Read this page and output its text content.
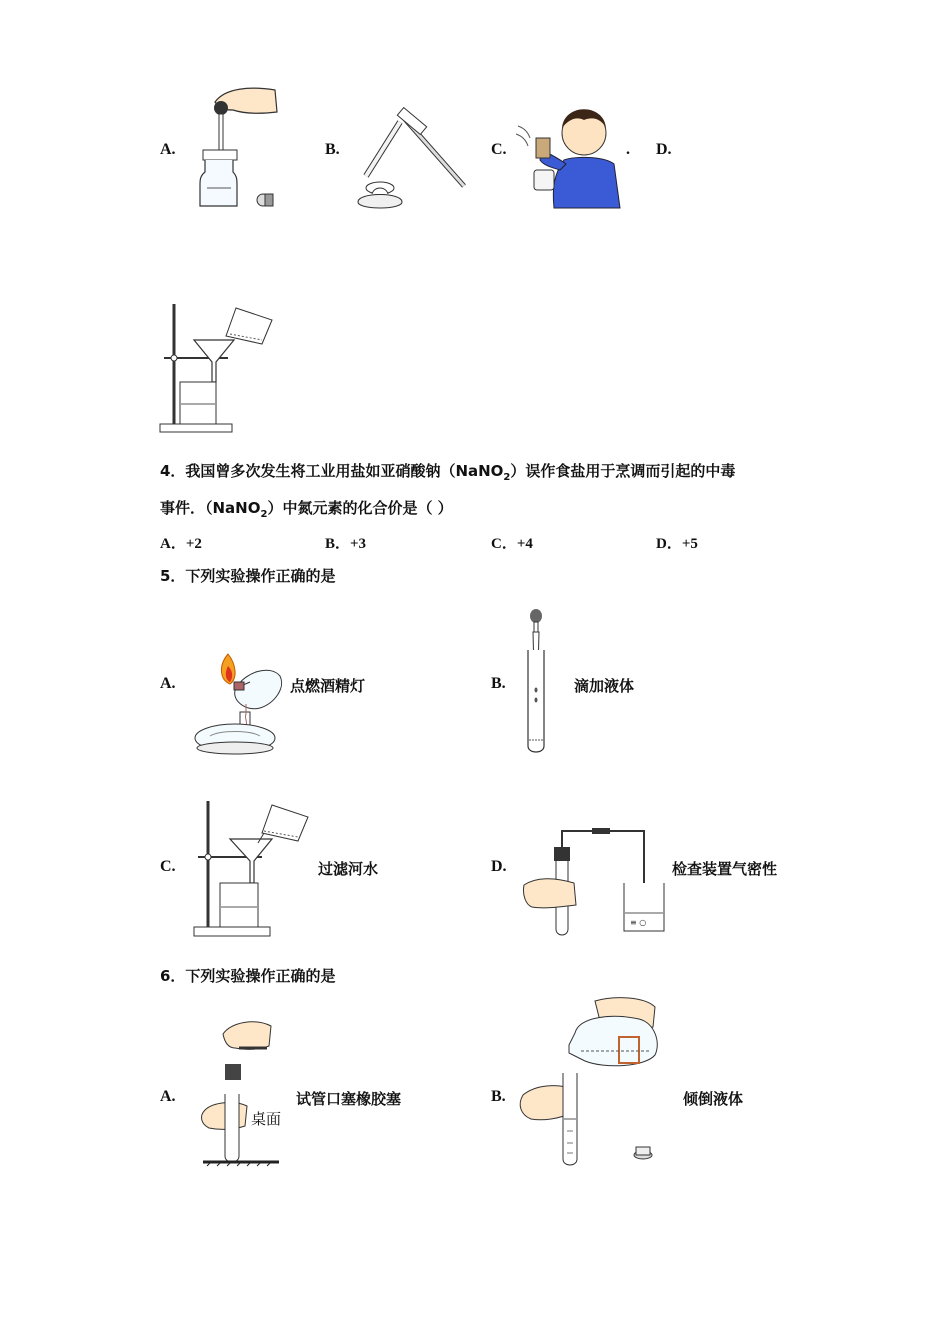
A.	B.	C.	. D.
4．我国曾多次发生将工业用盐如亚硝酸钠（NaNO$_2$）误作食盐用于烹调而引起的中毒
事件．（NaNO$_2$）中氮元素的化合价是（ ）
A．+2	B．+3	C．+4	D．+5
5．下列实验操作正确的是
A.	点燃酒精灯	B.	滴加液体
C.	过滤河水	D.	检查装置气密性
≡ ○
6．下列实验操作正确的是
A.	试管口塞橡胶塞
桌面
B.	倾倒液体
